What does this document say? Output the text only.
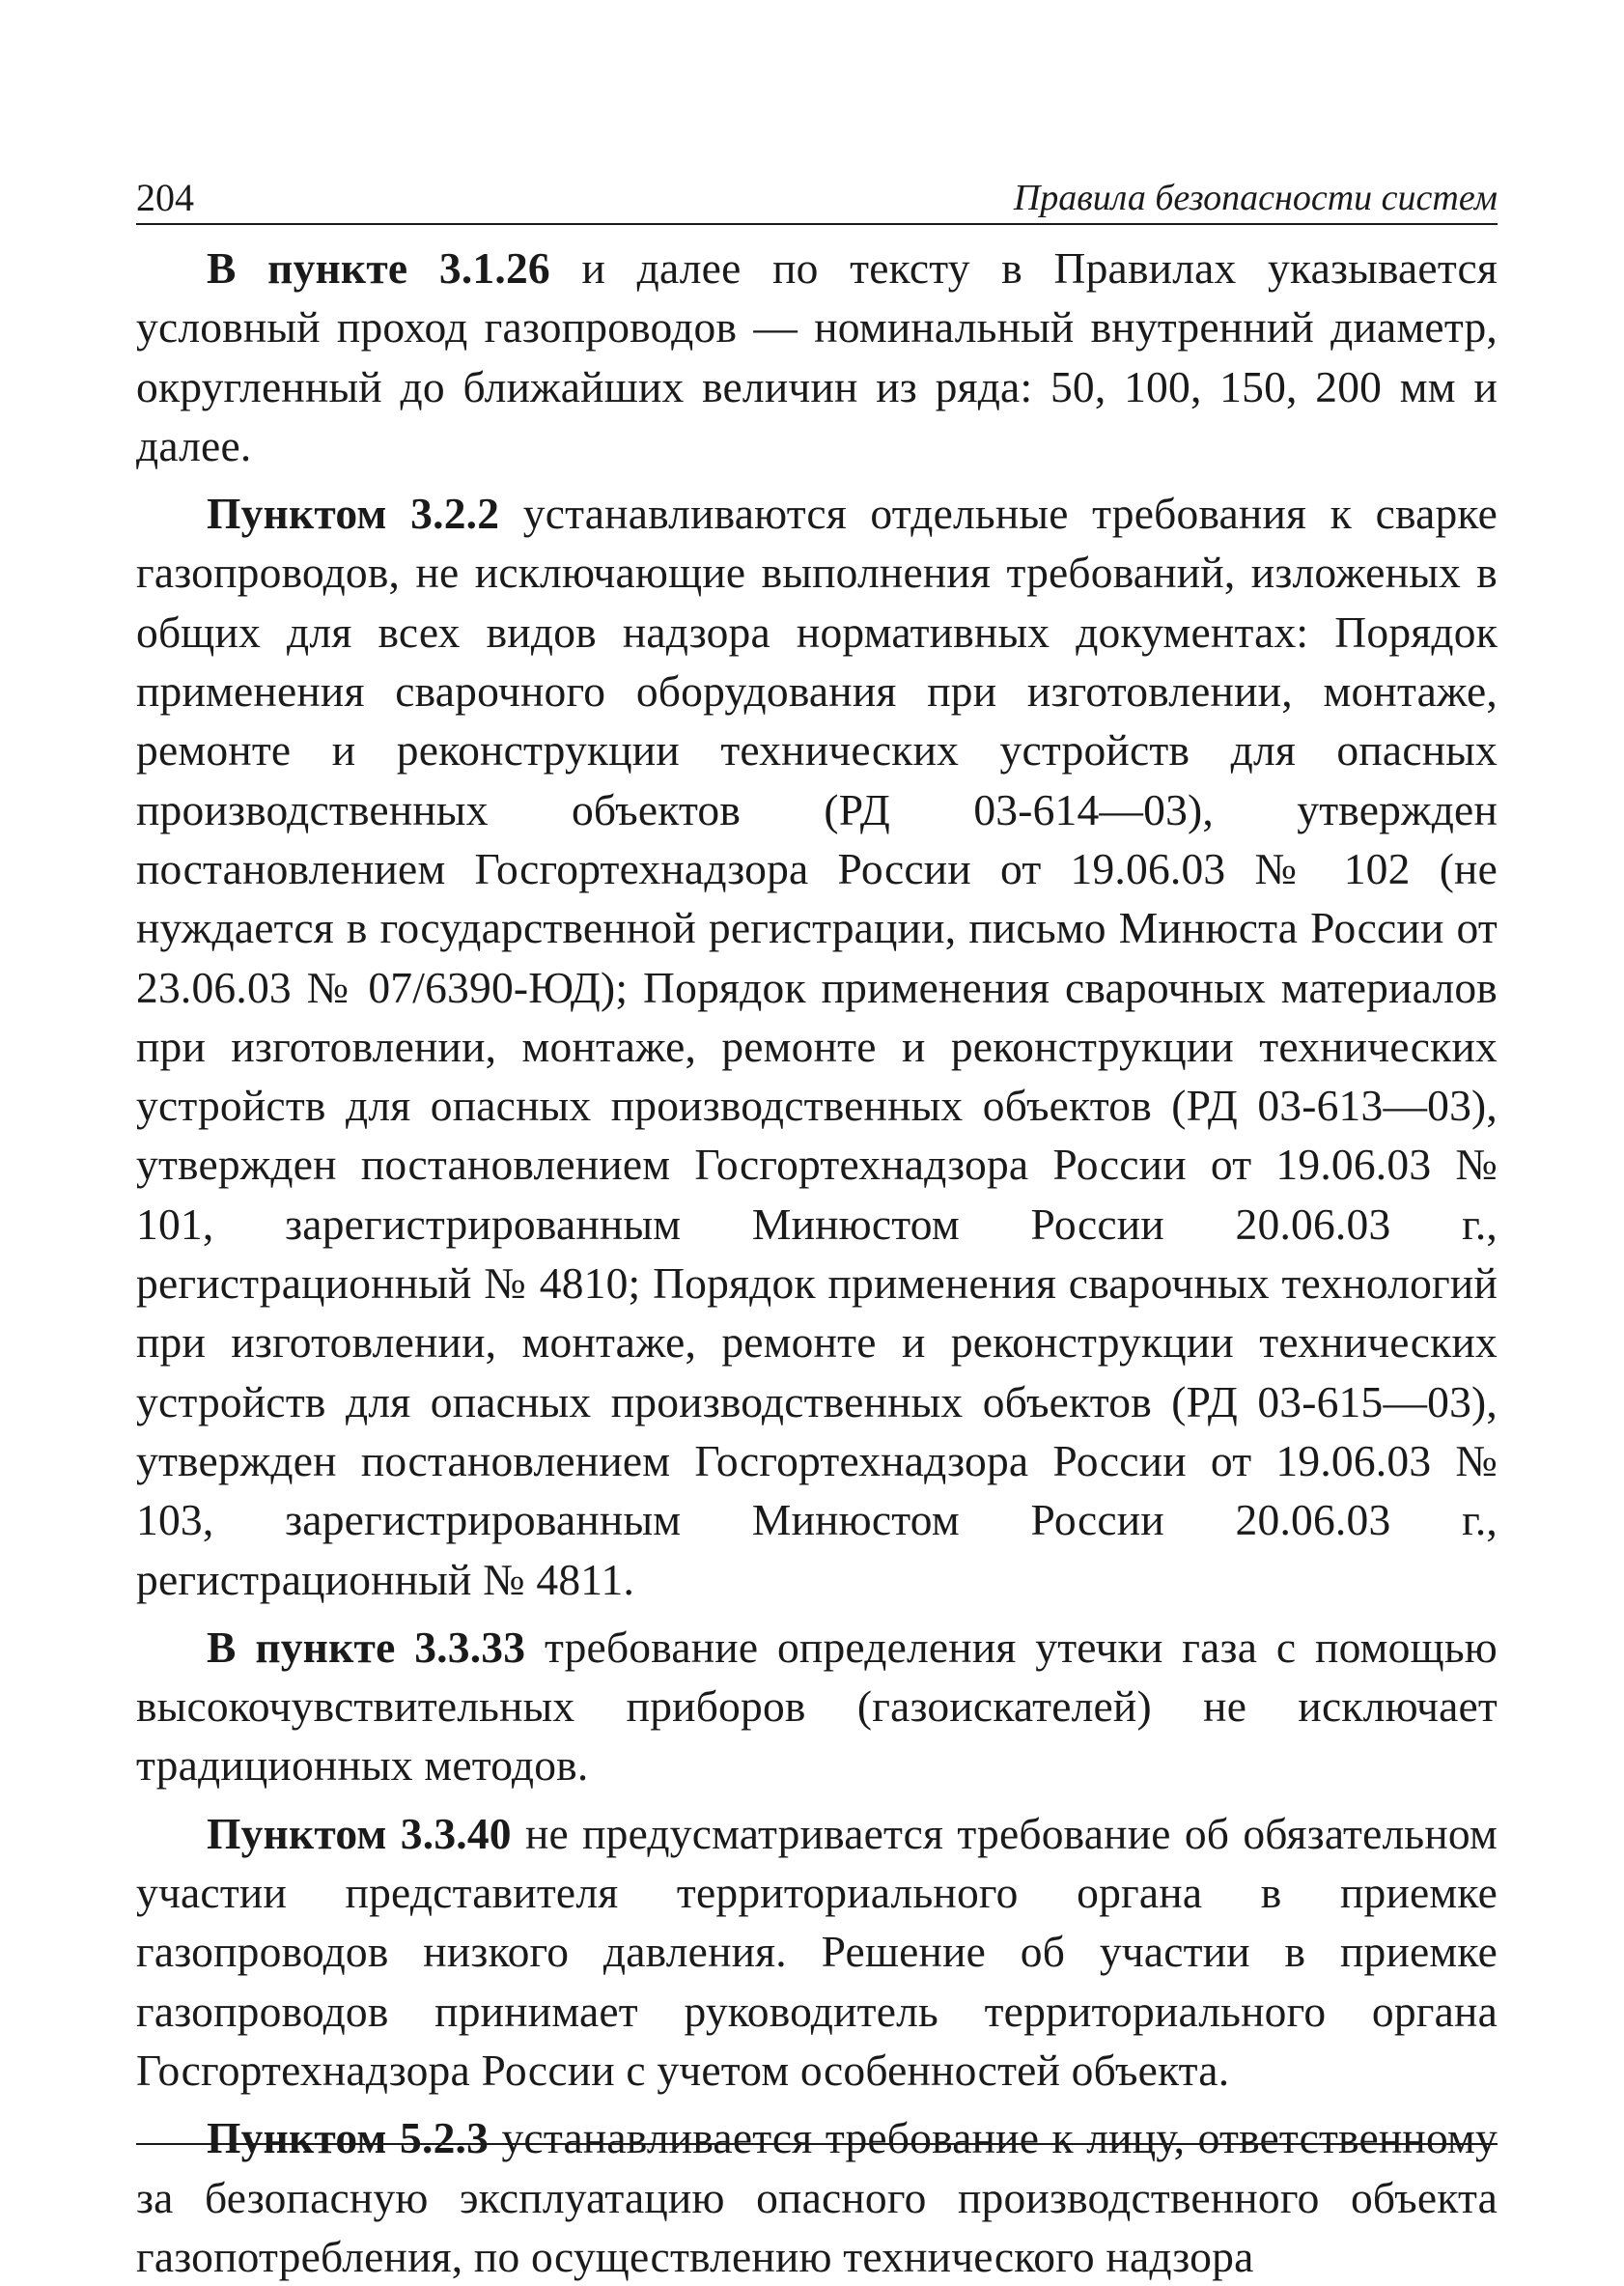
204	Правила безопасности систем

В пункте 3.1.26 и далее по тексту в Правилах указывается условный проход газопроводов — номинальный внутренний диаметр, округленный до ближайших величин из ряда: 50, 100, 150, 200 мм и далее.

Пунктом 3.2.2 устанавливаются отдельные требования к сварке газопроводов, не исключающие выполнения требований, изложеных в общих для всех видов надзора нормативных документах: Порядок применения сварочного оборудования при изготовлении, монтаже, ремонте и реконструкции технических устройств для опасных производственных объектов (РД 03-614—03), утвержден постановлением Госгортехнадзора России от 19.06.03 № 102 (не нуждается в государственной регистрации, письмо Минюста России от 23.06.03 № 07/6390-ЮД); Порядок применения сварочных материалов при изготовлении, монтаже, ремонте и реконструкции технических устройств для опасных производственных объектов (РД 03-613—03), утвержден постановлением Госгортехнадзора России от 19.06.03 № 101, зарегистрированным Минюстом России 20.06.03 г., регистрационный № 4810; Порядок применения сварочных технологий при изготовлении, монтаже, ремонте и реконструкции технических устройств для опасных производственных объектов (РД 03-615—03), утвержден постановлением Госгортехнадзора России от 19.06.03 № 103, зарегистрированным Минюстом России 20.06.03 г., регистрационный № 4811.

В пункте 3.3.33 требование определения утечки газа с помощью высокочувствительных приборов (газоискателей) не исключает традиционных методов.

Пунктом 3.3.40 не предусматривается требование об обязательном участии представителя территориального органа в приемке газопроводов низкого давления. Решение об участии в приемке газопроводов принимает руководитель территориального органа Госгортехнадзора России с учетом особенностей объекта.

Пунктом 5.2.3 устанавливается требование к лицу, ответственному за безопасную эксплуатацию опасного производственного объекта газопотребления, по осуществлению технического надзора
